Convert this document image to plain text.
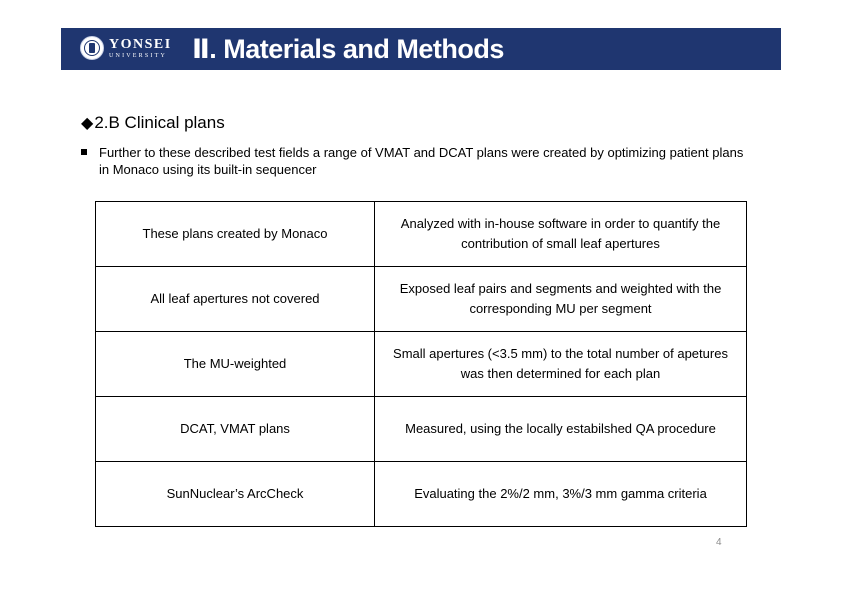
YONSEI
UNIVERSITY Ⅱ. Materials and Methods
◆2.B Clinical plans
Further to these described test fields a range of VMAT and DCAT plans were created by optimizing patient plans in Monaco using its built-in sequencer
These plans created by Monaco	Analyzed with in-house software in order to quantify the contribution of small leaf apertures
All leaf apertures not covered	Exposed leaf pairs and segments and weighted with the corresponding MU per segment
The MU-weighted	Small apertures (<3.5 mm) to the total number of apetures was then determined for each plan
DCAT, VMAT plans	Measured, using the locally estabilshed QA procedure
SunNuclear’s ArcCheck	Evaluating the 2%/2 mm, 3%/3 mm gamma criteria
4
